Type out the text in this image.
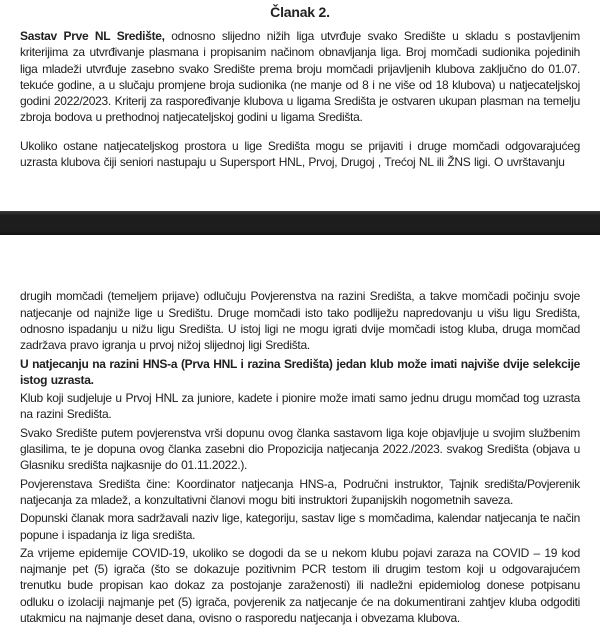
Članak 2.

Sastav Prve NL Središte, odnosno slijedno nižih liga utvrđuje svako Središte u skladu s postavljenim kriterijima za utvrđivanje plasmana i propisanim načinom obnavljanja liga. Broj momčadi sudionika pojedinih liga mladeži utvrđuje zasebno svako Središte prema broju momčadi prijavljenih klubova zaključno do 01.07. tekuće godine, a u slučaju promjene broja sudionika (ne manje od 8 i ne više od 18 klubova) u natjecateljskoj godini 2022/2023. Kriterij za raspoređivanje klubova u ligama Središta je ostvaren ukupan plasman na temelju zbroja bodova u prethodnoj natjecateljskoj godini u ligama Središta.

Ukoliko ostane natjecateljskog prostora u lige Središta mogu se prijaviti i druge momčadi odgovarajućeg uzrasta klubova čiji seniori nastupaju u Supersport HNL, Prvoj, Drugoj , Trećoj NL ili ŽNS ligi. O uvrštavanju

drugih momčadi (temeljem prijave) odlučuju Povjerenstva na razini Središta, a takve momčadi počinju svoje natjecanje od najniže lige u Središtu. Druge momčadi isto tako podliježu napredovanju u višu ligu Središta, odnosno ispadanju u nižu ligu Središta. U istoj ligi ne mogu igrati dvije momčadi istog kluba, druga momčad zadržava pravo igranja u prvoj nižoj slijednoj ligi Središta.

U natjecanju na razini HNS-a (Prva HNL i razina Središta) jedan klub može imati najviše dvije selekcije istog uzrasta.

Klub koji sudjeluje u Prvoj HNL za juniore, kadete i pionire može imati samo jednu drugu momčad tog uzrasta na razini Središta.

Svako Središte putem povjerenstva vrši dopunu ovog članka sastavom liga koje objavljuje u svojim službenim glasilima, te je dopuna ovog članka zasebni dio Propozicija natjecanja 2022./2023. svakog Središta (objava u Glasniku središta najkasnije do 01.11.2022.).

Povjerenstava Središta čine: Koordinator natjecanja HNS-a, Područni instruktor, Tajnik središta/Povjerenik natjecanja za mladež, a konzultativni članovi mogu biti instruktori županijskih nogometnih saveza.

Dopunski članak mora sadržavali naziv lige, kategoriju, sastav lige s momčadima, kalendar natjecanja te način popune i ispadanja iz liga središta.

Za vrijeme epidemije COVID-19, ukoliko se dogodi da se u nekom klubu pojavi zaraza na COVID – 19 kod najmanje pet (5) igrača (što se dokazuje pozitivnim PCR testom ili drugim testom koji u odgovarajućem trenutku bude propisan kao dokaz za postojanje zaraženosti) ili nadležni epidemiolog donese potpisanu odluku o izolaciji najmanje pet (5) igrača, povjerenik za natjecanje će na dokumentirani zahtjev kluba odgoditi utakmicu na najmanje deset dana, ovisno o rasporedu natjecanja i obvezama klubova.
